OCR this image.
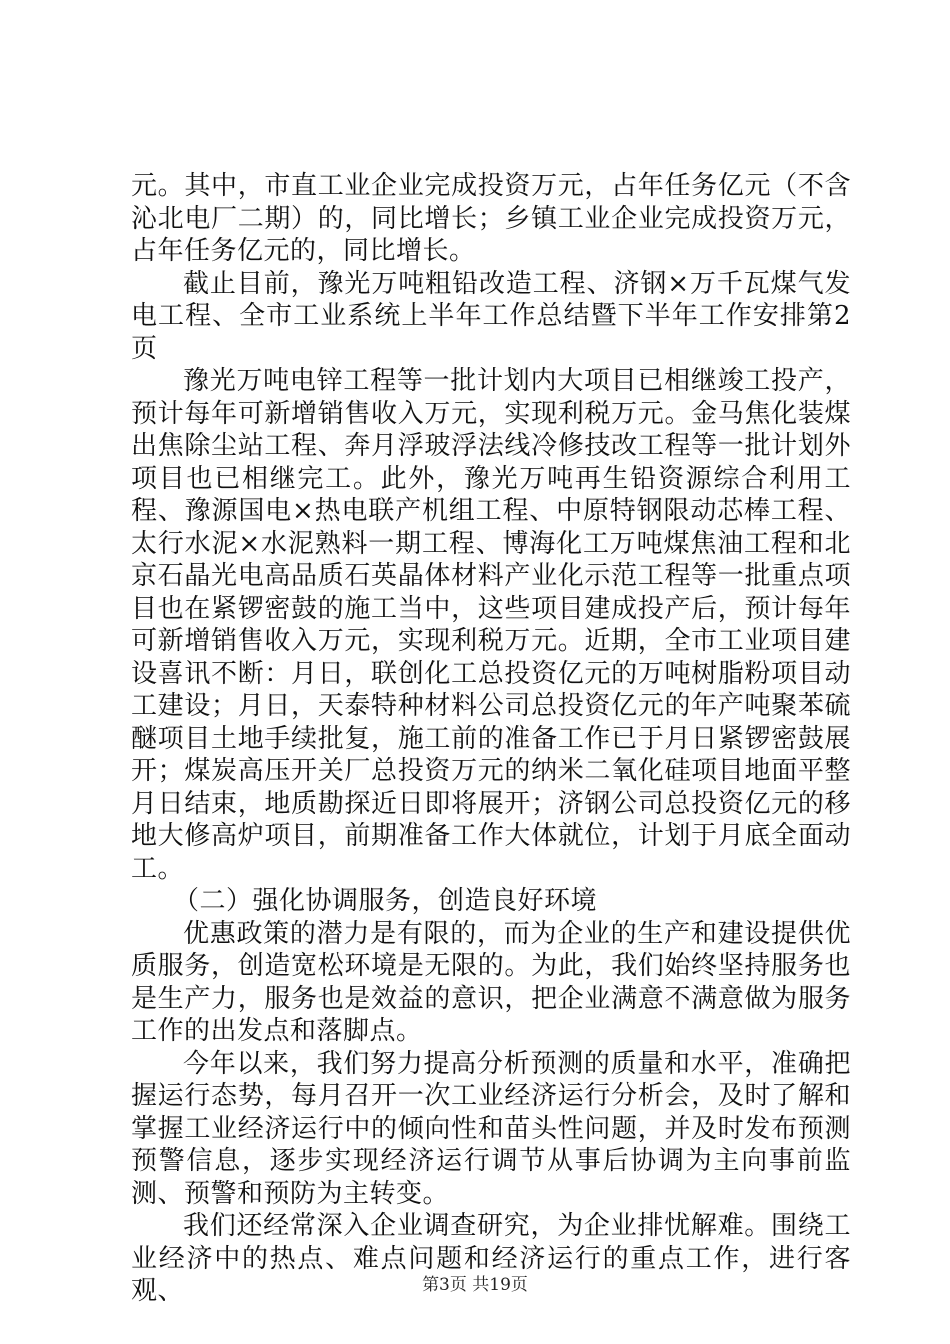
元。其中，市直工业企业完成投资万元，占年任务亿元（不含沁北电厂二期）的，同比增长；乡镇工业企业完成投资万元，占年任务亿元的，同比增长。

截止目前，豫光万吨粗铅改造工程、济钢×万千瓦煤气发电工程、全市工业系统上半年工作总结暨下半年工作安排第2页

豫光万吨电锌工程等一批计划内大项目已相继竣工投产，预计每年可新增销售收入万元，实现利税万元。金马焦化装煤出焦除尘站工程、奔月浮玻浮法线冷修技改工程等一批计划外项目也已相继完工。此外，豫光万吨再生铅资源综合利用工程、豫源国电×热电联产机组工程、中原特钢限动芯棒工程、太行水泥×水泥熟料一期工程、博海化工万吨煤焦油工程和北京石晶光电高品质石英晶体材料产业化示范工程等一批重点项目也在紧锣密鼓的施工当中，这些项目建成投产后，预计每年可新增销售收入万元，实现利税万元。近期，全市工业项目建设喜讯不断：月日，联创化工总投资亿元的万吨树脂粉项目动工建设；月日，天泰特种材料公司总投资亿元的年产吨聚苯硫醚项目土地手续批复，施工前的准备工作已于月日紧锣密鼓展开；煤炭高压开关厂总投资万元的纳米二氧化硅项目地面平整月日结束，地质勘探近日即将展开；济钢公司总投资亿元的移地大修高炉项目，前期准备工作大体就位，计划于月底全面动工。

（二）强化协调服务，创造良好环境

优惠政策的潜力是有限的，而为企业的生产和建设提供优质服务，创造宽松环境是无限的。为此，我们始终坚持服务也是生产力，服务也是效益的意识，把企业满意不满意做为服务工作的出发点和落脚点。

今年以来，我们努力提高分析预测的质量和水平，准确把握运行态势，每月召开一次工业经济运行分析会，及时了解和掌握工业经济运行中的倾向性和苗头性问题，并及时发布预测预警信息，逐步实现经济运行调节从事后协调为主向事前监测、预警和预防为主转变。

我们还经常深入企业调查研究，为企业排忧解难。围绕工业经济中的热点、难点问题和经济运行的重点工作，进行客观、	第3页 共19页
